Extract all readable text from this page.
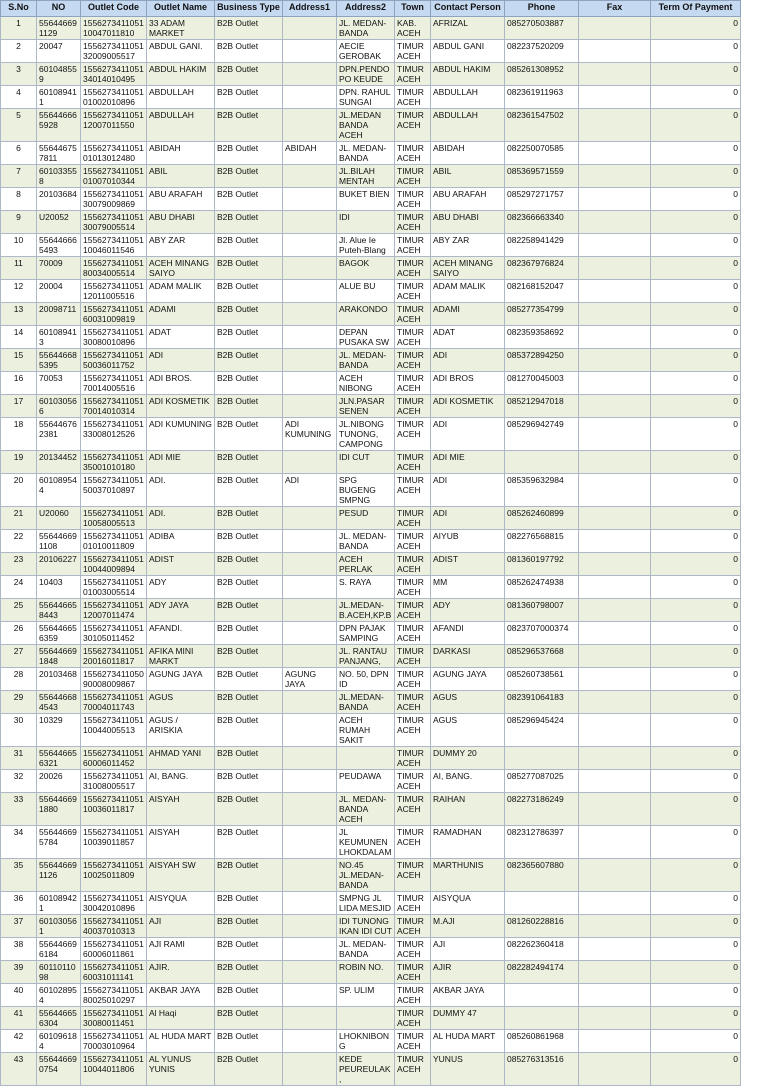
S.No	NO	Outlet Code	Outlet Name	Business Type	Address1	Address2	Town	Contact Person	Phone	Fax	Term Of Payment
1	556446691129	155627341105110047011810	33 ADAM MARKET	B2B Outlet		JL. MEDAN-BANDA	KAB. ACEH	AFRIZAL	085270503887		0
2	20047	155627341105132009005517	ABDUL GANI.	B2B Outlet		AECIE GEROBAK	TIMUR ACEH	ABDUL GANI	082237520209		0
3	601048559	155627341105134014010495	ABDUL HAKIM	B2B Outlet		DPN.PENDOPO KEUDE	TIMUR ACEH	ABDUL HAKIM	085261308952		0
4	601089411	155627341105101002010896	ABDULLAH	B2B Outlet		DPN. RAHUL SUNGAI	TIMUR ACEH	ABDULLAH	082361911963		0
5	556446665928	155627341105112007011550	ABDULLAH	B2B Outlet		JL.MEDAN BANDA ACEH	TIMUR ACEH	ABDULLAH	082361547502		0
6	556446757811	155627341105101013012480	ABIDAH	B2B Outlet	ABIDAH	JL. MEDAN-BANDA	TIMUR ACEH	ABIDAH	082250070585		0
7	601033558	155627341105101007010344	ABIL	B2B Outlet		JL.BILAH MENTAH	TIMUR ACEH	ABIL	085369571559		0
8	20103684	155627341105130079009869	ABU ARAFAH	B2B Outlet		BUKET BIEN	TIMUR ACEH	ABU ARAFAH	085297271757		0
9	U20052	155627341105130079005514	ABU DHABI	B2B Outlet		IDI	TIMUR ACEH	ABU DHABI	082366663340		0
10	556446665493	155627341105110046011546	ABY ZAR	B2B Outlet		Jl. Alue Ie Puteh-Blang	TIMUR ACEH	ABY ZAR	082258941429		0
11	70009	155627341105180034005514	ACEH MINANG SAIYO	B2B Outlet		BAGOK	TIMUR ACEH	ACEH MINANG SAIYO	082367976824		0
12	20004	155627341105112011005516	ADAM MALIK	B2B Outlet		ALUE BU	TIMUR ACEH	ADAM MALIK	082168152047		0
13	20098711	155627341105160031009819	ADAMI	B2B Outlet		ARAKONDO	TIMUR ACEH	ADAMI	085277354799		0
14	601089413	155627341105130080010896	ADAT	B2B Outlet		DEPAN PUSAKA SW	TIMUR ACEH	ADAT	082359358692		0
15	556446685395	155627341105150036011752	ADI	B2B Outlet		JL. MEDAN-BANDA	TIMUR ACEH	ADI	085372894250		0
16	70053	155627341105170014005516	ADI BROS.	B2B Outlet		ACEH NIBONG	TIMUR ACEH	ADI BROS	081270045003		0
17	601030566	155627341105170014010314	ADI KOSMETIK	B2B Outlet		JLN.PASAR SENEN	TIMUR ACEH	ADI KOSMETIK	085212947018		0
18	556446762381	155627341105133008012526	ADI KUMUNING	B2B Outlet	ADI KUMUNING	JL.NIBONG TUNONG, CAMPONG	TIMUR ACEH	ADI	085296942749		0
19	20134452	155627341105135001010180	ADI MIE	B2B Outlet		IDI CUT	TIMUR ACEH	ADI MIE			0
20	601089544	155627341105150037010897	ADI.	B2B Outlet	ADI	SPG BUGENG SMPNG	TIMUR ACEH	ADI	085359632984		0
21	U20060	155627341105110058005513	ADI.	B2B Outlet		PESUD	TIMUR ACEH	ADI	085262460899		0
22	556446691108	155627341105101010011809	ADIBA	B2B Outlet		JL. MEDAN-BANDA	TIMUR ACEH	AIYUB	082276568815		0
23	20106227	155627341105110044009894	ADIST	B2B Outlet		ACEH PERLAK	TIMUR ACEH	ADIST	081360197792		0
24	10403	155627341105101003005514	ADY	B2B Outlet		S. RAYA	TIMUR ACEH	MM	085262474938		0
25	556446658443	155627341105112007011474	ADY JAYA	B2B Outlet		JL.MEDAN-B.ACEH,KP.B	TIMUR ACEH	ADY	081360798007		0
26	556446656359	155627341105130105011452	AFANDI.	B2B Outlet		DPN PAJAK SAMPING	TIMUR ACEH	AFANDI	0823707000374		0
27	556446691848	155627341105120016011817	AFIKA MINI MARKT	B2B Outlet		JL. RANTAU PANJANG,	TIMUR ACEH	DARKASI	085296537668		0
28	20103468	155627341105090008009867	AGUNG JAYA	B2B Outlet	AGUNG JAYA	NO. 50, DPN ID	TIMUR ACEH	AGUNG JAYA	085260738561		0
29	556446684543	155627341105170004011743	AGUS	B2B Outlet		JL.MEDAN-BANDA	TIMUR ACEH	AGUS	082391064183		0
30	10329	155627341105110044005513	AGUS / ARISKIA	B2B Outlet		ACEH RUMAH SAKIT	TIMUR ACEH	AGUS	085296945424		0
31	556446656321	155627341105160006011452	AHMAD YANI	B2B Outlet			TIMUR ACEH	DUMMY 20			0
32	20026	155627341105131008005517	AI, BANG.	B2B Outlet		PEUDAWA	TIMUR ACEH	AI, BANG.	085277087025		0
33	556446691880	155627341105110036011817	AISYAH	B2B Outlet		JL. MEDAN-BANDA ACEH	TIMUR ACEH	RAIHAN	082273186249		0
34	556446695784	155627341105110039011857	AISYAH	B2B Outlet		JL KEUMUNEN LHOKDALAM	TIMUR ACEH	RAMADHAN	082312786397		0
35	556446691126	155627341105110025011809	AISYAH SW	B2B Outlet		NO.45 JL.MEDAN-BANDA	TIMUR ACEH	MARTHUNIS	082365607880		0
36	601089421	155627341105130042010896	AISYQUA	B2B Outlet		SMPNG JL LIDA MESJID	TIMUR ACEH	AISYQUA			0
37	601030561	155627341105140037010313	AJI	B2B Outlet		IDI TUNONG IKAN IDI CUT	TIMUR ACEH	M.AJI	081260228816		0
38	556446696184	155627341105160006011861	AJI RAMI	B2B Outlet		JL. MEDAN-BANDA	TIMUR ACEH	AJI	082262360418		0
39	6011011098	155627341105160031011141	AJIR.	B2B Outlet		ROBIN NO.	TIMUR ACEH	AJIR	082282494174		0
40	601028954	155627341105180025010297	AKBAR JAYA	B2B Outlet		SP. ULIM	TIMUR ACEH	AKBAR JAYA			0
41	556446656304	155627341105130080011451	Al Haqi	B2B Outlet			TIMUR ACEH	DUMMY 47			0
42	601096184	155627341105170003010964	AL HUDA MART	B2B Outlet		LHOKNIBONG	TIMUR ACEH	AL HUDA MART	085260861968		0
43	556446690754	155627341105110044011806	AL YUNUS YUNIS	B2B Outlet		KEDE PEUREULAK,	TIMUR ACEH	YUNUS	085276313516		0
